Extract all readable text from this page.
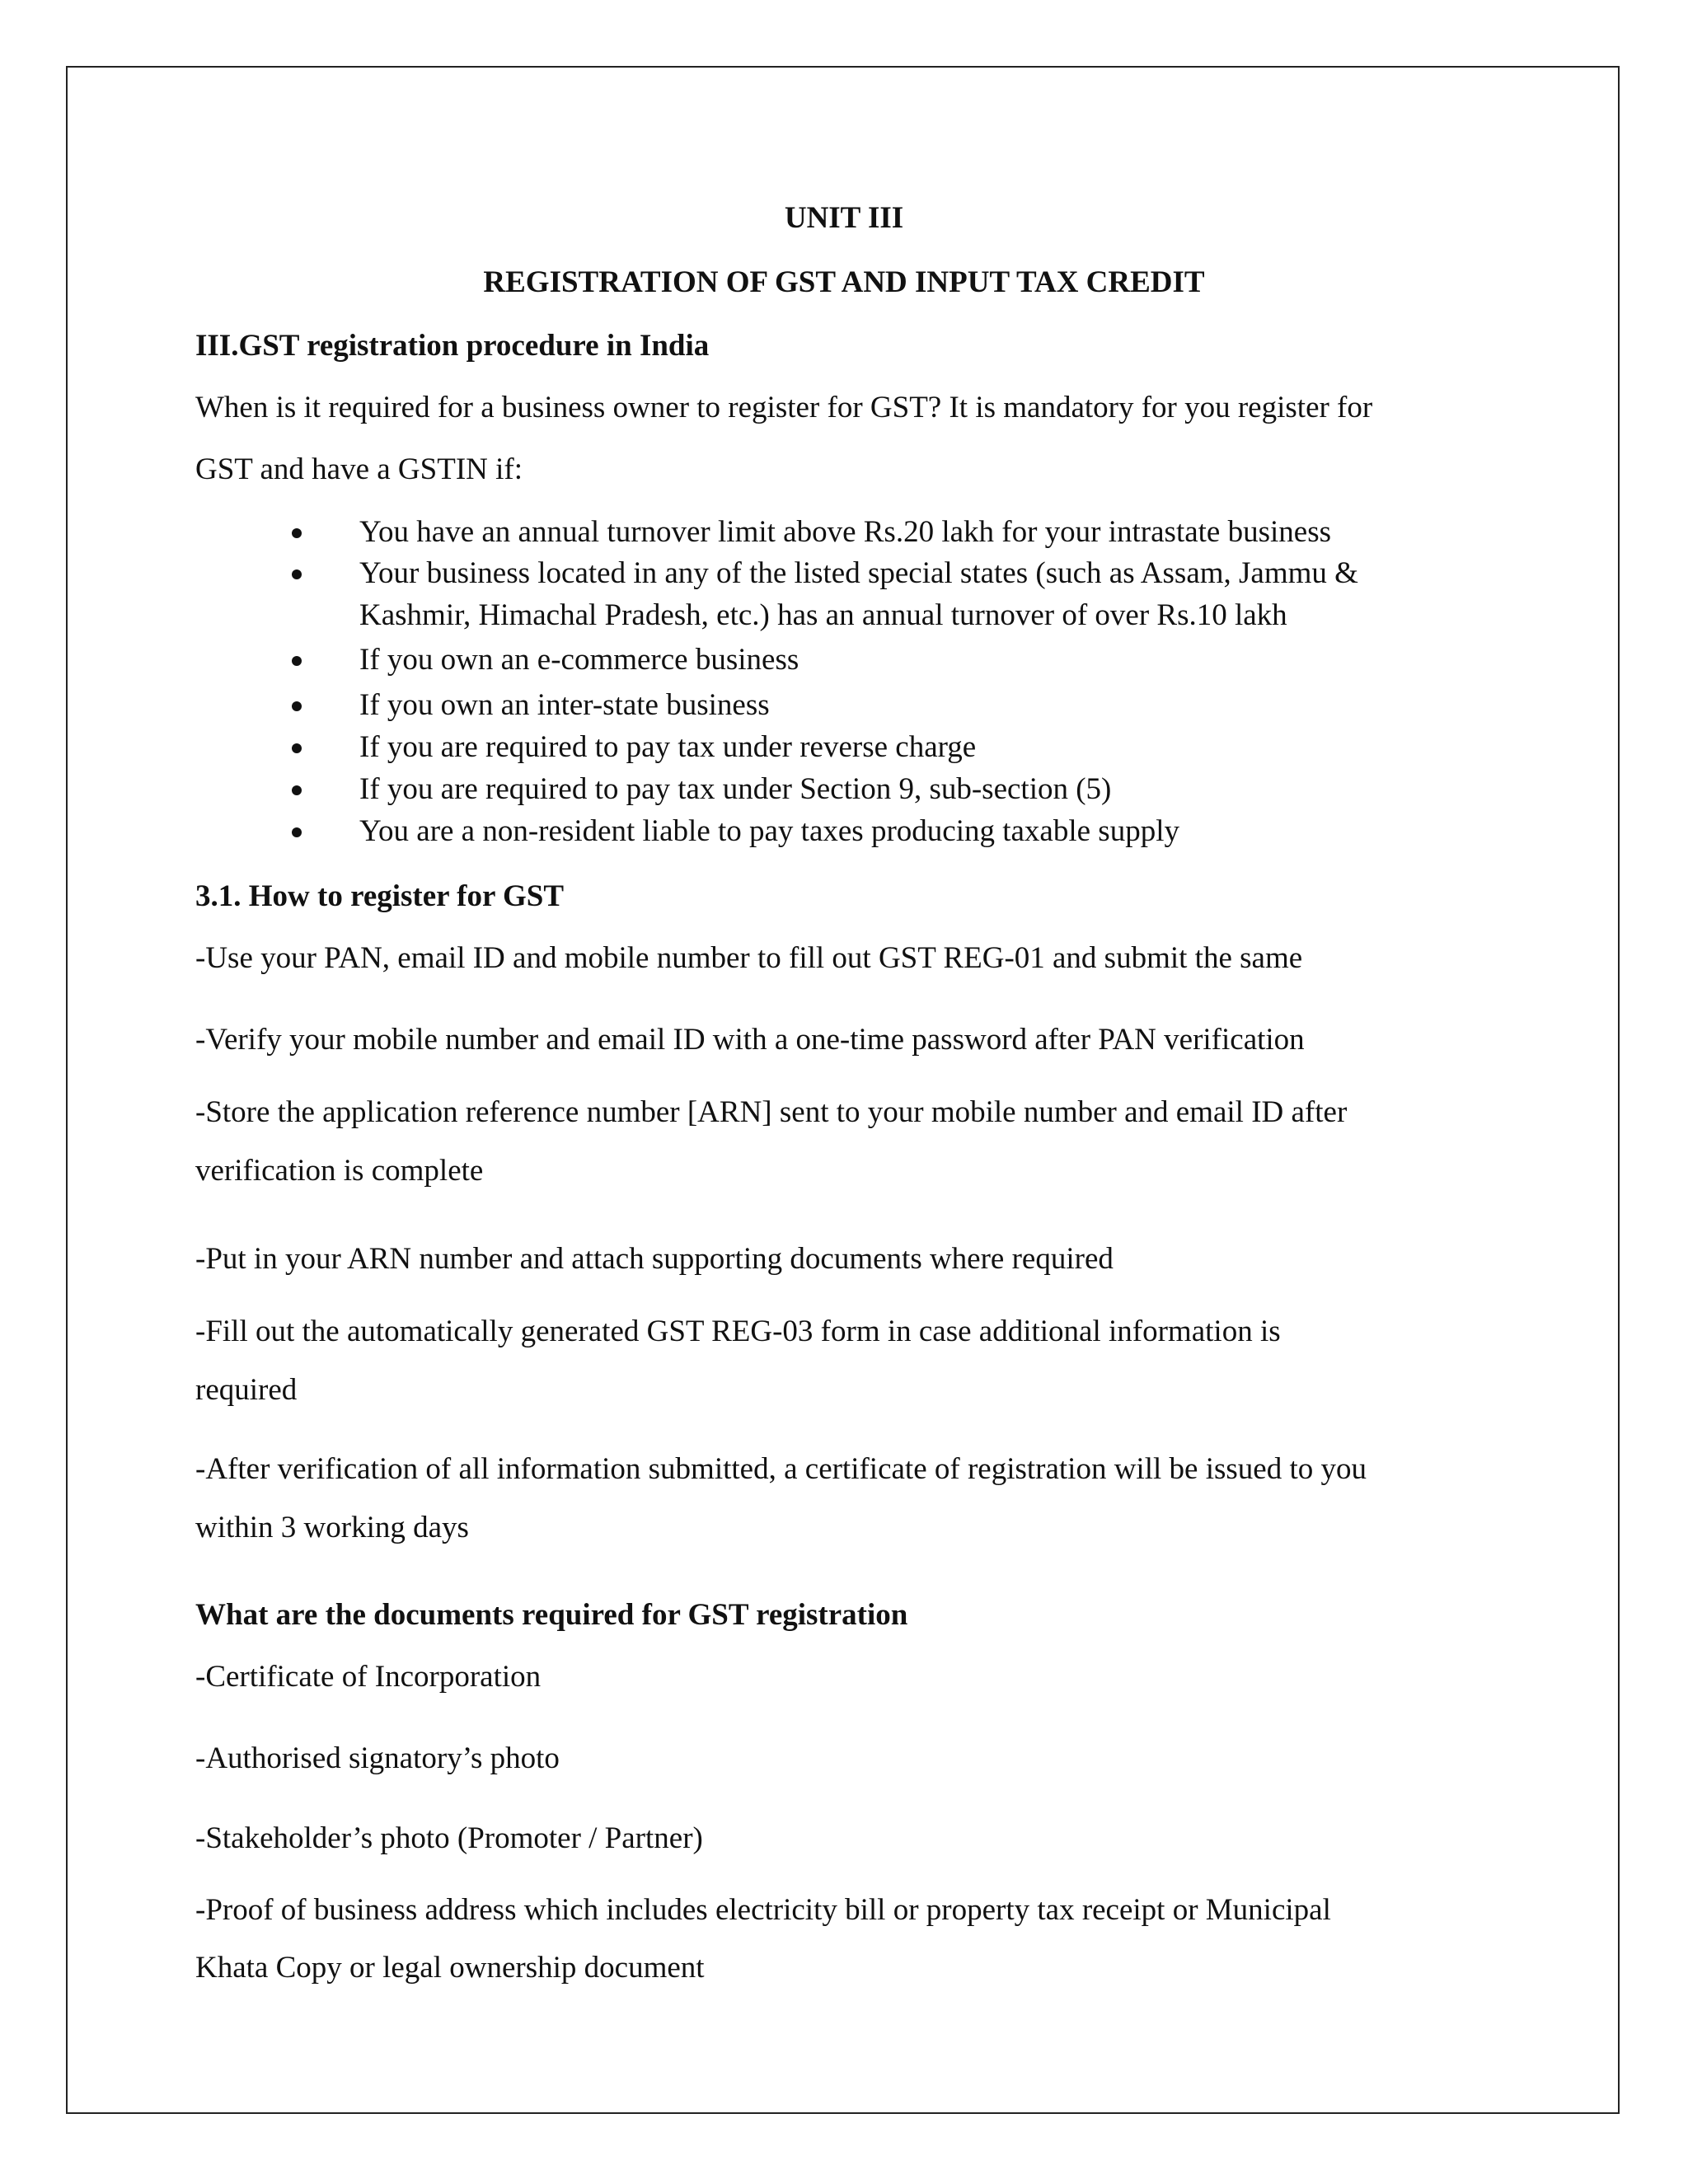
UNIT III

REGISTRATION OF GST AND INPUT TAX CREDIT

III.GST registration procedure in India

When is it required for a business owner to register for GST? It is mandatory for you register for

GST and have a GSTIN if:

You have an annual turnover limit above Rs.20 lakh for your intrastate business
Your business located in any of the listed special states (such as Assam, Jammu &
Kashmir, Himachal Pradesh, etc.) has an annual turnover of over Rs.10 lakh
If you own an e-commerce business
If you own an inter-state business
If you are required to pay tax under reverse charge
If you are required to pay tax under Section 9, sub-section (5)
You are a non-resident liable to pay taxes producing taxable supply

3.1. How to register for GST

-Use your PAN, email ID and mobile number to fill out GST REG-01 and submit the same

-Verify your mobile number and email ID with a one-time password after PAN verification

-Store the application reference number [ARN] sent to your mobile number and email ID after

verification is complete

-Put in your ARN number and attach supporting documents where required

-Fill out the automatically generated GST REG-03 form in case additional information is

required

-After verification of all information submitted, a certificate of registration will be issued to you

within 3 working days

What are the documents required for GST registration

-Certificate of Incorporation

-Authorised signatory’s photo

-Stakeholder’s photo (Promoter / Partner)

-Proof of business address which includes electricity bill or property tax receipt or Municipal

Khata Copy or legal ownership document
